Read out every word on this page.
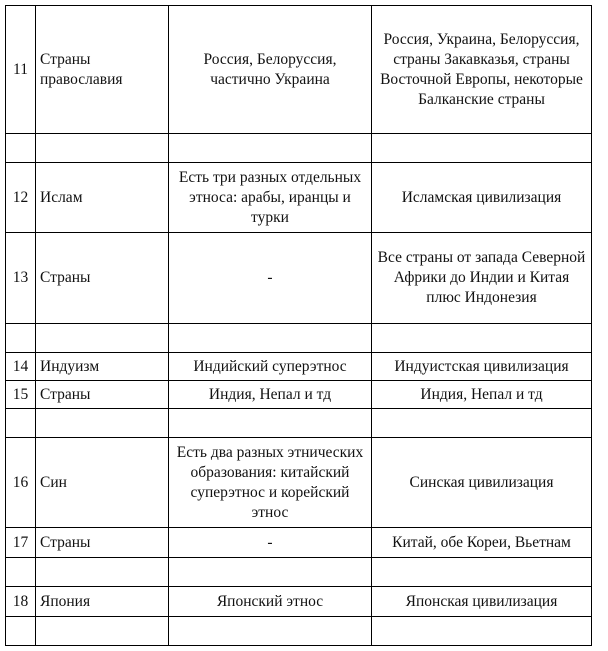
11	Страны православия	Россия, Белоруссия, частично Украина	Россия, Украина, Белоруссия, страны Закавказья, страны Восточной Европы, некоторые Балканские страны

12	Ислам	Есть три разных отдельных этноса: арабы, иранцы и турки	Исламская цивилизация
13	Страны	-	Все страны от запада Северной Африки до Индии и Китая плюс Индонезия

14	Индуизм	Индийский суперэтнос	Индуистская цивилизация
15	Страны	Индия, Непал и тд	Индия, Непал и тд

16	Син	Есть два разных этнических образования: китайский суперэтнос и корейский этнос	Синская цивилизация
17	Страны	-	Китай, обе Кореи, Вьетнам

18	Япония	Японский этнос	Японская цивилизация
